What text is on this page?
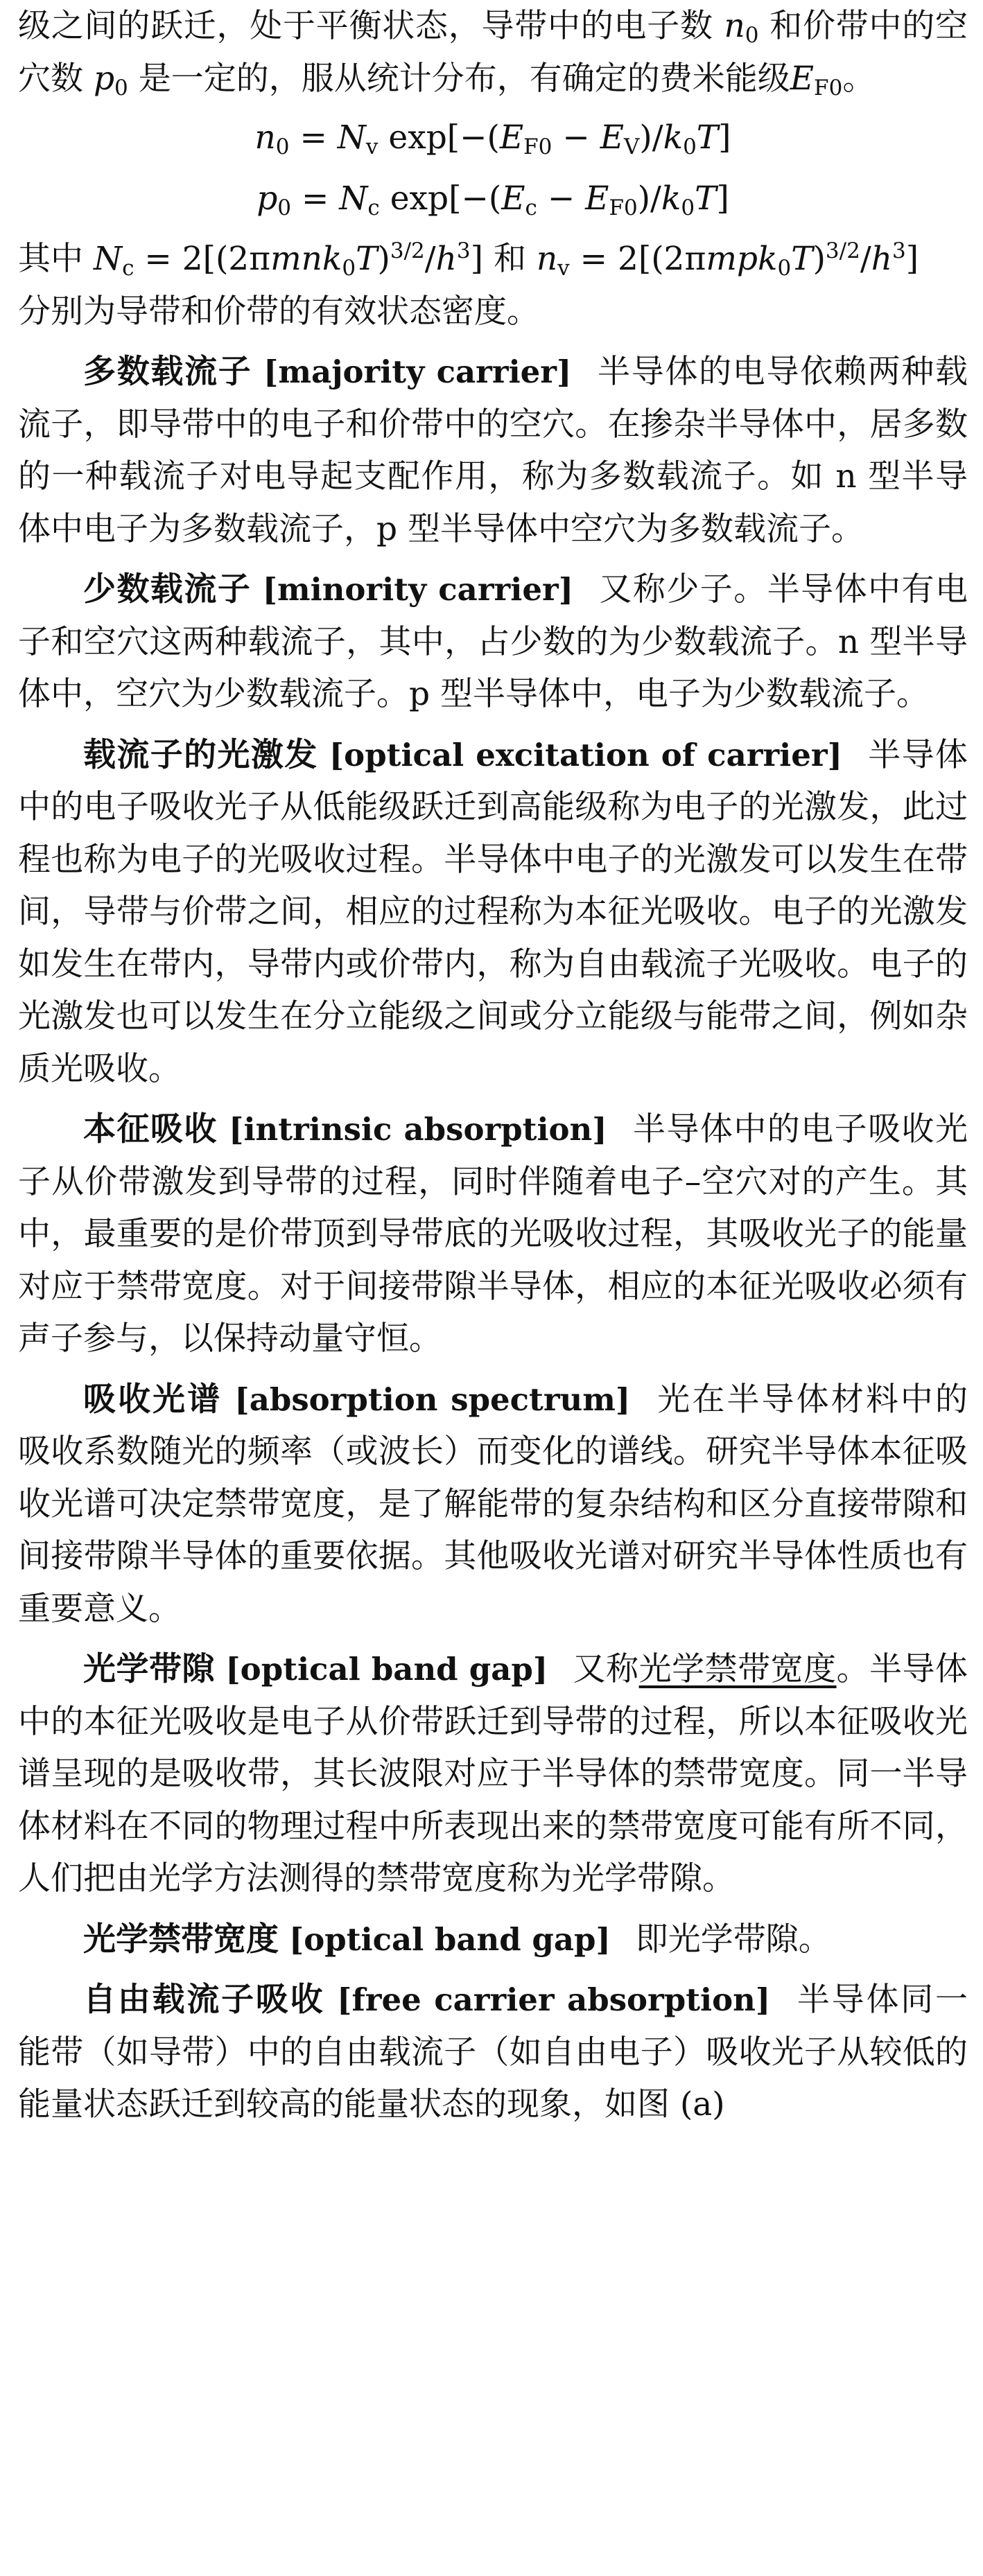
级之间的跃迁，处于平衡状态，导带中的电子数 $n_0$ 和价带中的空穴数 $p_0$ 是一定的，服从统计分布，有确定的费米能级$E_{F0}$。

$n_0 = N_v$ $\exp[-(E_{F0} - E_V)/k_0T]$
$p_0 = N_c$ $\exp[-(E_c - E_{F0})/k_0T]$

其中 $N_c = 2[(2\pi mnk_0T)^{3/2}/h^3]$ 和 $n_v = 2[(2\pi mpk_0T)^{3/2}/h^3]$
分别为导带和价带的有效状态密度。

多数载流子 [majority carrier] 半导体的电导依赖两种载流子，即导带中的电子和价带中的空穴。在掺杂半导体中，居多数的一种载流子对电导起支配作用，称为多数载流子。如 n 型半导体中电子为多数载流子，p 型半导体中空穴为多数载流子。

少数载流子 [minority carrier] 又称少子。半导体中有电子和空穴这两种载流子，其中，占少数的为少数载流子。n 型半导体中，空穴为少数载流子。p 型半导体中，电子为少数载流子。

载流子的光激发 [optical excitation of carrier] 半导体中的电子吸收光子从低能级跃迁到高能级称为电子的光激发，此过程也称为电子的光吸收过程。半导体中电子的光激发可以发生在带间，导带与价带之间，相应的过程称为本征光吸收。电子的光激发如发生在带内，导带内或价带内，称为自由载流子光吸收。电子的光激发也可以发生在分立能级之间或分立能级与能带之间，例如杂质光吸收。

本征吸收 [intrinsic absorption] 半导体中的电子吸收光子从价带激发到导带的过程，同时伴随着电子–空穴对的产生。其中，最重要的是价带顶到导带底的光吸收过程，其吸收光子的能量对应于禁带宽度。对于间接带隙半导体，相应的本征光吸收必须有声子参与，以保持动量守恒。

吸收光谱 [absorption spectrum] 光在半导体材料中的吸收系数随光的频率（或波长）而变化的谱线。研究半导体本征吸收光谱可决定禁带宽度，是了解能带的复杂结构和区分直接带隙和间接带隙半导体的重要依据。其他吸收光谱对研究半导体性质也有重要意义。

光学带隙 [optical band gap] 又称光学禁带宽度。半导体中的本征光吸收是电子从价带跃迁到导带的过程，所以本征吸收光谱呈现的是吸收带，其长波限对应于半导体的禁带宽度。同一半导体材料在不同的物理过程中所表现出来的禁带宽度可能有所不同，人们把由光学方法测得的禁带宽度称为光学带隙。

光学禁带宽度 [optical band gap] 即光学带隙。

自由载流子吸收 [free carrier absorption] 半导体同一能带（如导带）中的自由载流子（如自由电子）吸收光子从较低的能量状态跃迁到较高的能量状态的现象，如图 (a)
